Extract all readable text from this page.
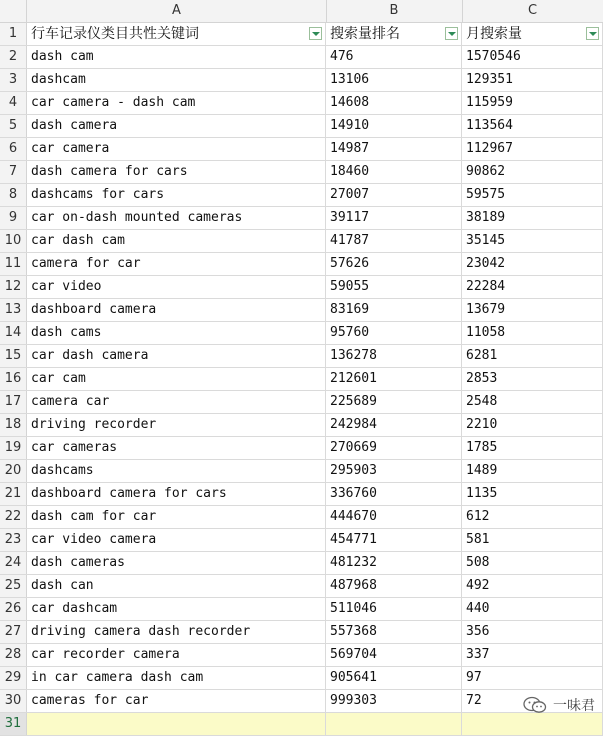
A	B	C
1 行车记录仪类目共性关键词	搜索量排名	月搜索量
2	dash cam	476	1570546
3	dashcam	13106	129351
4	car camera - dash cam	14608	115959
5	dash camera	14910	113564
6	car camera	14987	112967
7	dash camera for cars	18460	90862
8	dashcams for cars	27007	59575
9	car on-dash mounted cameras	39117	38189
10 car dash cam	41787	35145
11 camera for car	57626	23042
12 car video	59055	22284
13 dashboard camera	83169	13679
14 dash cams	95760	11058
15 car dash camera	136278	6281
16 car cam	212601	2853
17 camera car	225689	2548
18 driving recorder	242984	2210
19 car cameras	270669	1785
20 dashcams	295903	1489
21 dashboard camera for cars	336760	1135
22 dash cam for car	444670	612
23 car video camera	454771	581
24 dash cameras	481232	508
25 dash can	487968	492
26 car dashcam	511046	440
27 driving camera dash recorder	557368	356
28 car recorder camera	569704	337
29 in car camera dash cam	905641	97
30 cameras for car	999303	72
31
一味君
